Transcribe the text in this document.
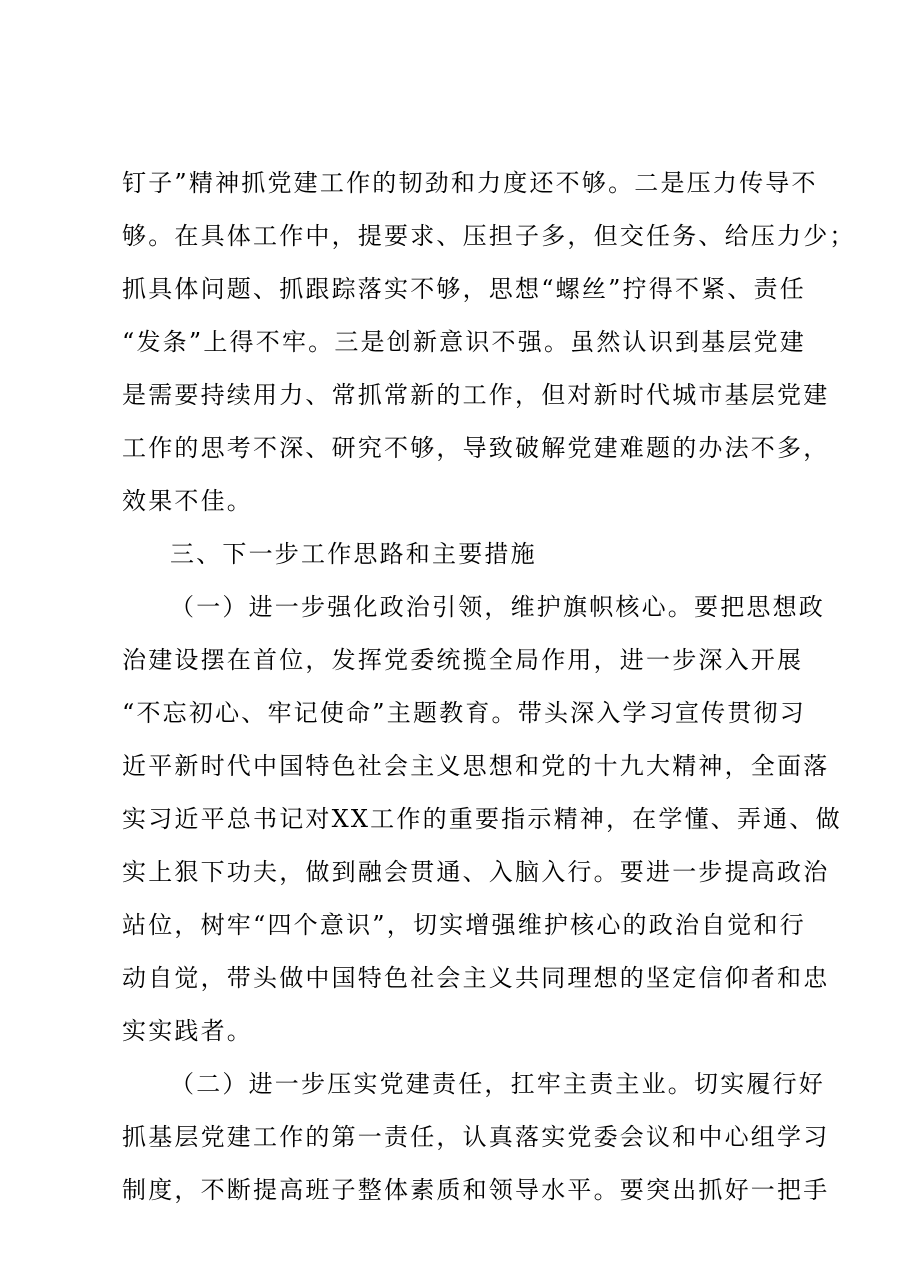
钉子”精神抓党建工作的韧劲和力度还不够。二是压力传导不
够。在具体工作中，提要求、压担子多，但交任务、给压力少；
抓具体问题、抓跟踪落实不够，思想“螺丝”拧得不紧、责任
“发条”上得不牢。三是创新意识不强。虽然认识到基层党建
是需要持续用力、常抓常新的工作，但对新时代城市基层党建
工作的思考不深、研究不够，导致破解党建难题的办法不多，
效果不佳。
三、下一步工作思路和主要措施
（一）进一步强化政治引领，维护旗帜核心。要把思想政
治建设摆在首位，发挥党委统揽全局作用，进一步深入开展
“不忘初心、牢记使命”主题教育。带头深入学习宣传贯彻习
近平新时代中国特色社会主义思想和党的十九大精神，全面落
实习近平总书记对XX工作的重要指示精神，在学懂、弄通、做
实上狠下功夫，做到融会贯通、入脑入行。要进一步提高政治
站位，树牢“四个意识”，切实增强维护核心的政治自觉和行
动自觉，带头做中国特色社会主义共同理想的坚定信仰者和忠
实实践者。
（二）进一步压实党建责任，扛牢主责主业。切实履行好
抓基层党建工作的第一责任，认真落实党委会议和中心组学习
制度，不断提高班子整体素质和领导水平。要突出抓好一把手
